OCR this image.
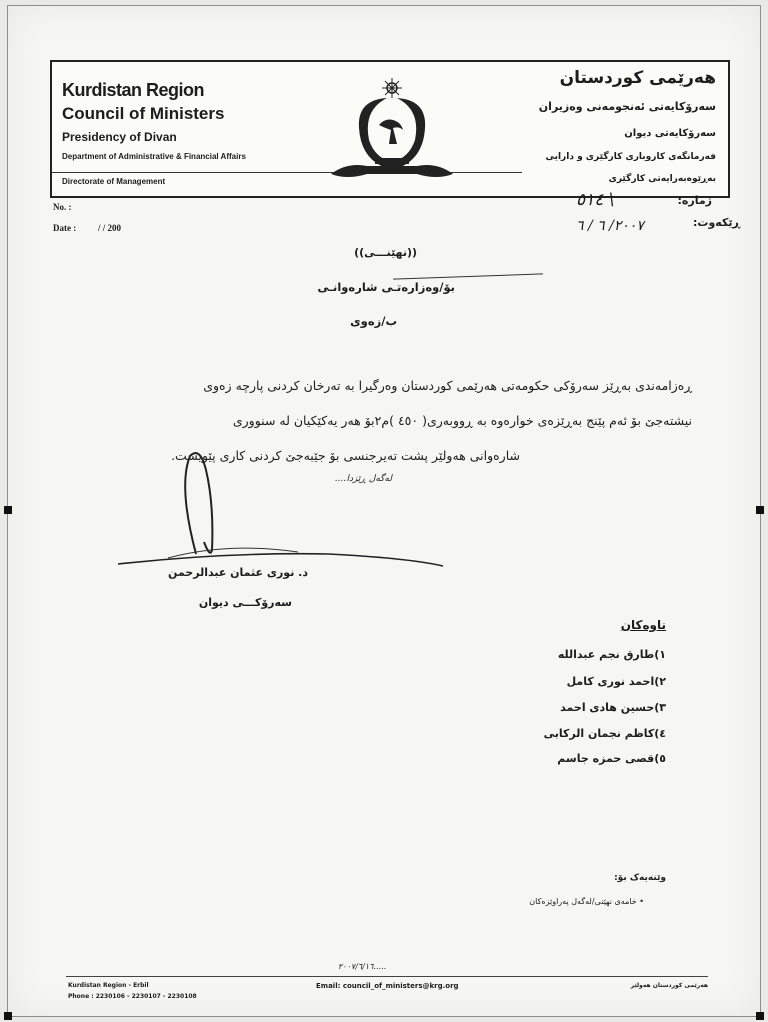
Kurdistan Region
Council of Ministers
Presidency of Divan
Department of Administrative & Financial Affairs
Directorate of Management
هەرێمی کوردستان
سەرۆکایەتی ئەنجومەنی وەزیران
سەرۆکایەتی دیوان
فەرمانگەی کاروباری کارگێری و دارایی
بەڕێوەبەرایەتی کارگێری
No. :
Date : / / 200
ژمارە:
٥١٤ \
ڕێکەوت:
٢٠٠٧/ ٦ / ٦
((نهێنـــی))
بۆ/وەزارەتـی شارەوانـی
ب/زەوی
ڕەزامەندی بەڕێز سەرۆکی حکومەتی هەرێمی کوردستان وەرگیرا بە تەرخان کردنی پارچە زەوی
نیشتەجێ بۆ ئەم پێنج بەڕێزەی خوارەوە بە ڕووبەری( ٤٥٠ )م٢بۆ هەر یەکێکیان لە سنووری
شارەوانی هەولێر پشت تەیرجنسی بۆ جێبەجێ کردنی کاری پێویست.
لەگەل ڕێزدا....
د. نوری عثمان عبدالرحمن
سەرۆکـــی دیوان
ناوەکان
١)طارق نجم عبدالله
٢)احمد نوری کامل
٣)حسین هادی احمد
٤)کاظم نجمان الرکابی
٥)قصی حمزه جاسم
وێنەیەک بۆ:
• خامەی نهێنی/لەگەل پەراوێزەکان
٢٠٠٧/٦/١٦.....
Kurdistan Region - Erbil
Phone : 2230106 - 2230107 - 2230108
Email: council_of_ministers@krg.org	هەرێمی کوردستان هەولێر
